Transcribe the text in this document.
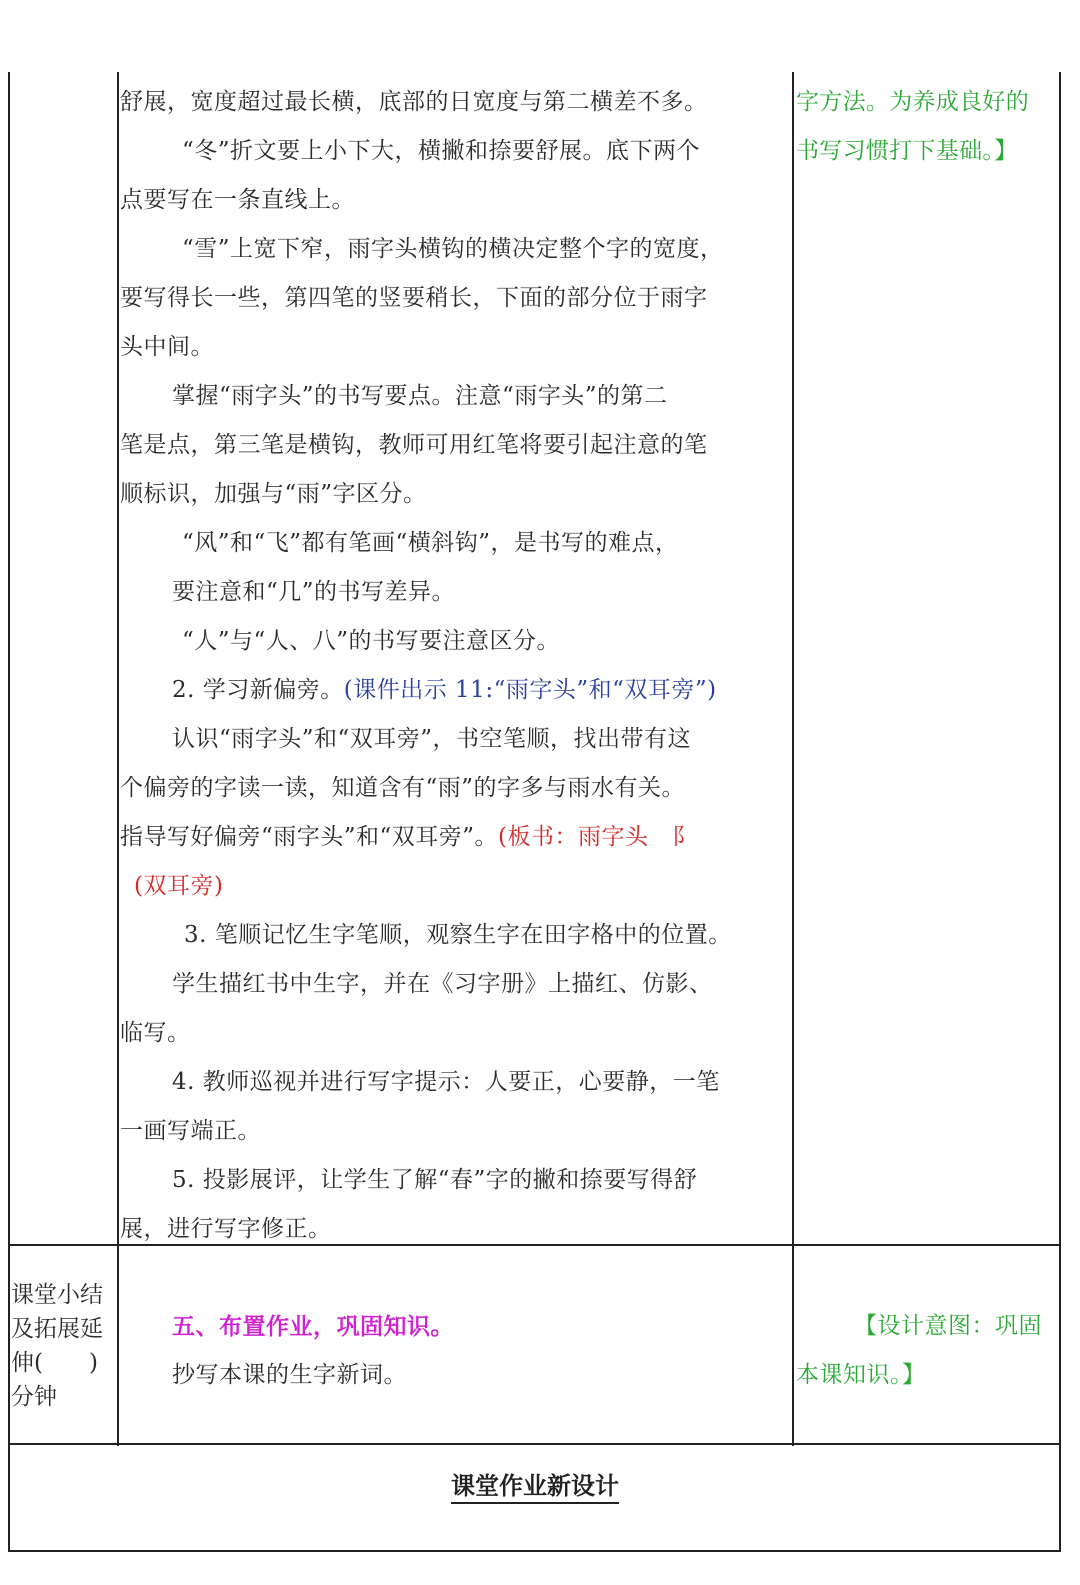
舒展，宽度超过最长横，底部的日宽度与第二横差不多。

“冬”折文要上小下大，横撇和捺要舒展。底下两个

点要写在一条直线上。

“雪”上宽下窄，雨字头横钩的横决定整个字的宽度，

要写得长一些，第四笔的竖要稍长，下面的部分位于雨字

头中间。

掌握“雨字头”的书写要点。注意“雨字头”的第二

笔是点，第三笔是横钩，教师可用红笔将要引起注意的笔

顺标识，加强与“雨”字区分。

“风”和“飞”都有笔画“横斜钩”，是书写的难点，

要注意和“几”的书写差异。

“人”与“人、八”的书写要注意区分。

2. 学习新偏旁。(课件出示 11:“雨字头”和“双耳旁”)

认识“雨字头”和“双耳旁”，书空笔顺，找出带有这

个偏旁的字读一读，知道含有“雨”的字多与雨水有关。

指导写好偏旁“雨字头”和“双耳旁”。(板书：雨字头　阝

(双耳旁)

3. 笔顺记忆生字笔顺，观察生字在田字格中的位置。

学生描红书中生字，并在《习字册》上描红、仿影、

临写。

4. 教师巡视并进行写字提示：人要正，心要静，一笔

一画写端正。

5. 投影展评，让学生了解“春”字的撇和捺要写得舒

展，进行写字修正。

五、布置作业，巩固知识。

抄写本课的生字新词。

字方法。为养成良好的

书写习惯打下基础。】

【设计意图：巩固

本课知识。】

课堂小结
及拓展延
伸(　　)
分钟
课堂作业新设计
